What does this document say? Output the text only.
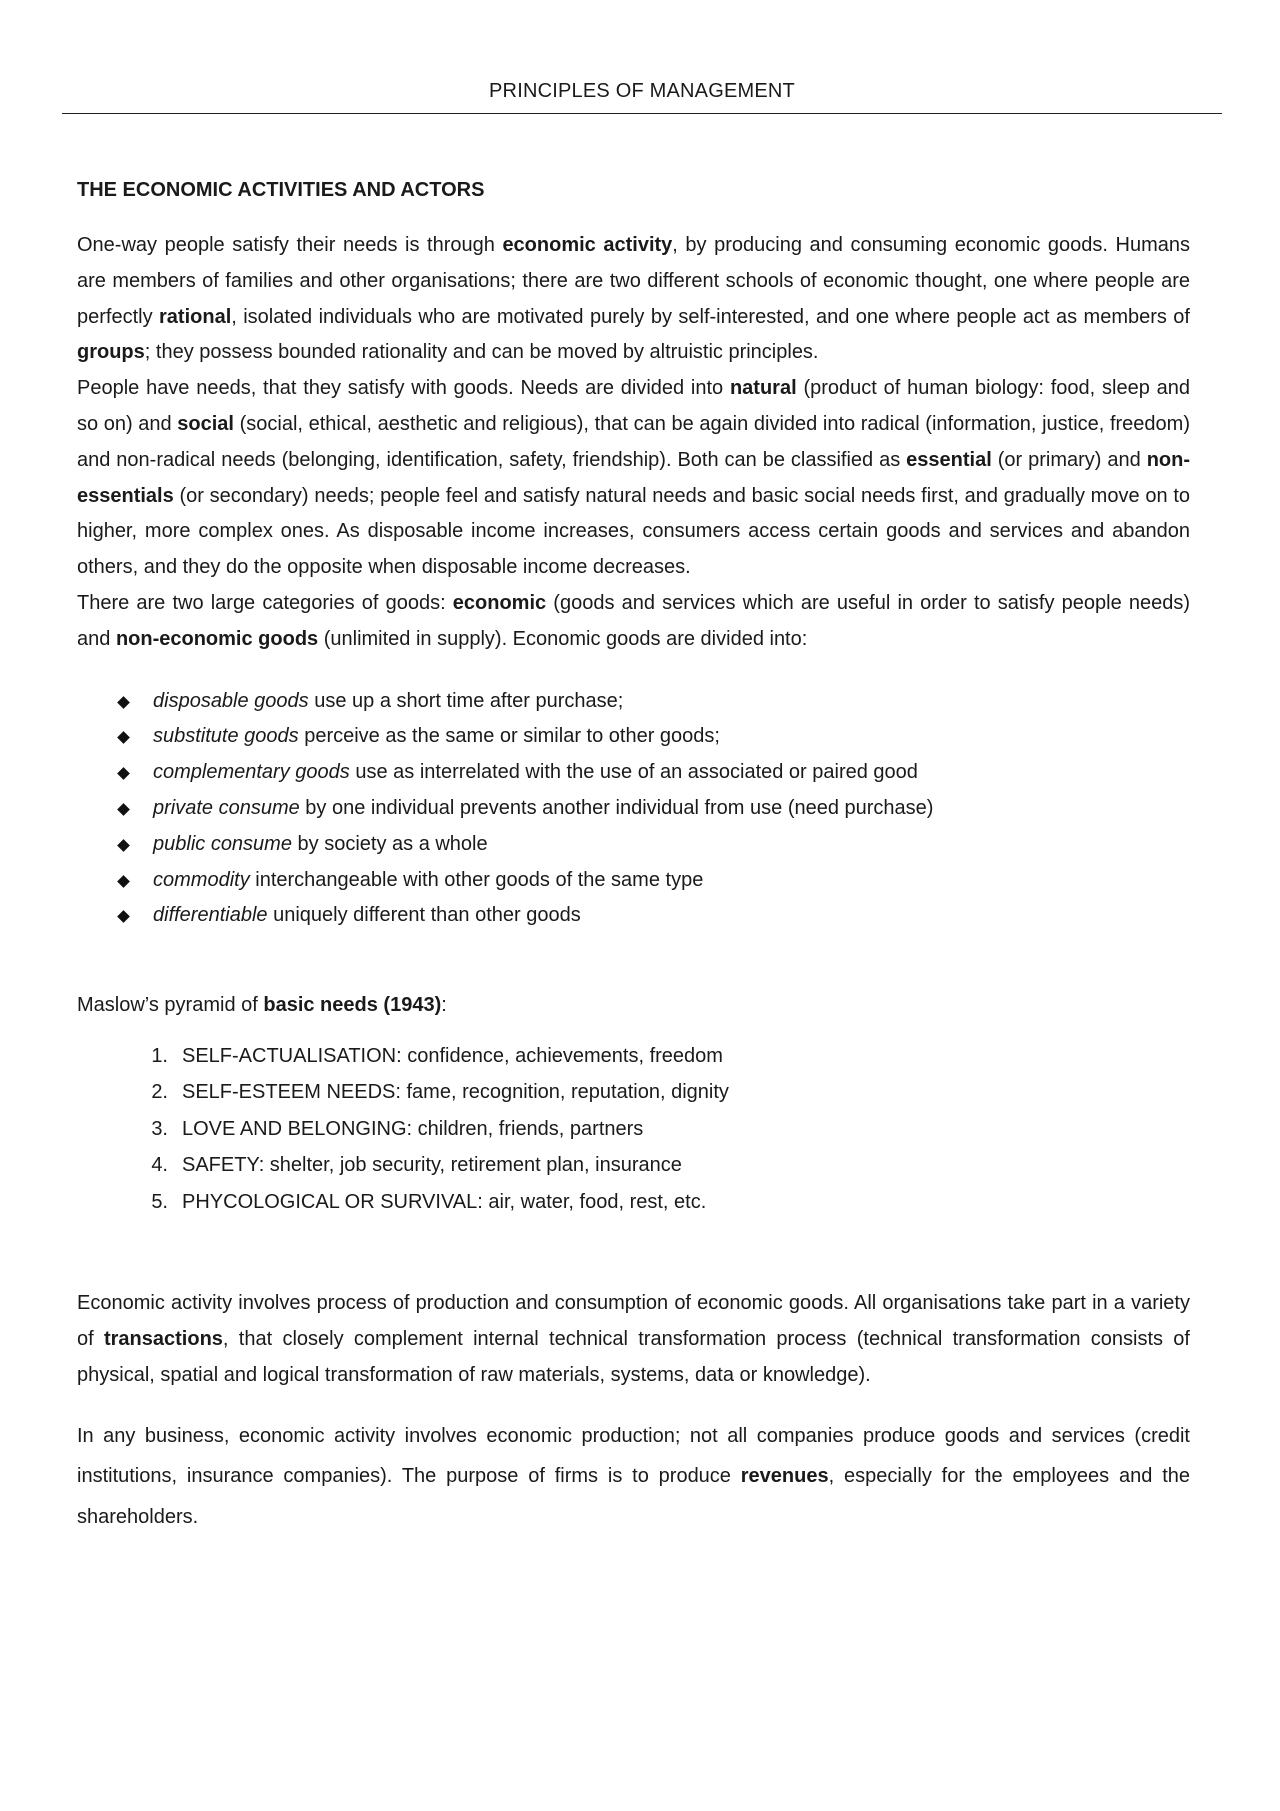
PRINCIPLES OF MANAGEMENT
THE ECONOMIC ACTIVITIES AND ACTORS

One-way people satisfy their needs is through economic activity, by producing and consuming economic goods. Humans are members of families and other organisations; there are two different schools of economic thought, one where people are perfectly rational, isolated individuals who are motivated purely by self-interested, and one where people act as members of groups; they possess bounded rationality and can be moved by altruistic principles.

People have needs, that they satisfy with goods. Needs are divided into natural (product of human biology: food, sleep and so on) and social (social, ethical, aesthetic and religious), that can be again divided into radical (information, justice, freedom) and non-radical needs (belonging, identification, safety, friendship). Both can be classified as essential (or primary) and non-essentials (or secondary) needs; people feel and satisfy natural needs and basic social needs first, and gradually move on to higher, more complex ones. As disposable income increases, consumers access certain goods and services and abandon others, and they do the opposite when disposable income decreases.

There are two large categories of goods: economic (goods and services which are useful in order to satisfy people needs) and non-economic goods (unlimited in supply). Economic goods are divided into:

disposable goods use up a short time after purchase;
substitute goods perceive as the same or similar to other goods;
complementary goods use as interrelated with the use of an associated or paired good
private consume by one individual prevents another individual from use (need purchase)
public consume by society as a whole
commodity interchangeable with other goods of the same type
differentiable uniquely different than other goods

Maslow’s pyramid of basic needs (1943):

1. SELF-ACTUALISATION: confidence, achievements, freedom
2. SELF-ESTEEM NEEDS: fame, recognition, reputation, dignity
3. LOVE AND BELONGING: children, friends, partners
4. SAFETY: shelter, job security, retirement plan, insurance
5. PHYCOLOGICAL OR SURVIVAL: air, water, food, rest, etc.

Economic activity involves process of production and consumption of economic goods. All organisations take part in a variety of transactions, that closely complement internal technical transformation process (technical transformation consists of physical, spatial and logical transformation of raw materials, systems, data or knowledge).

In any business, economic activity involves economic production; not all companies produce goods and services (credit institutions, insurance companies). The purpose of firms is to produce revenues, especially for the employees and the shareholders.
